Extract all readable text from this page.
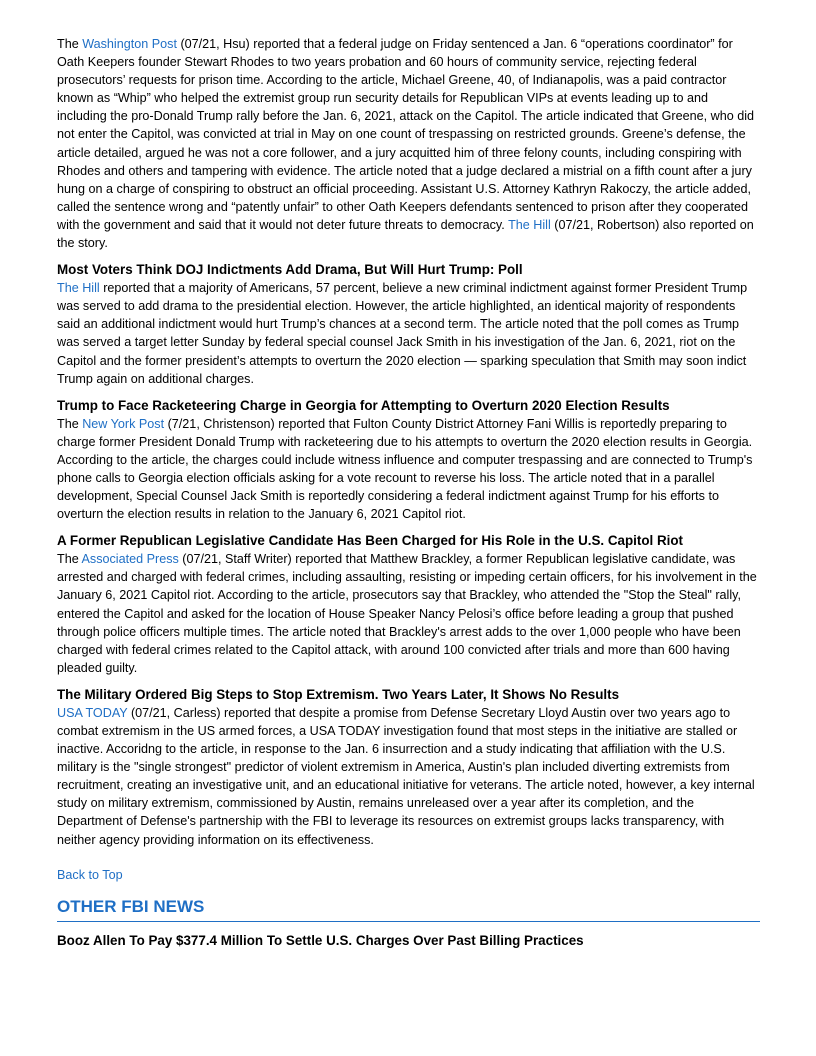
The Washington Post (07/21, Hsu) reported that a federal judge on Friday sentenced a Jan. 6 “operations coordinator” for Oath Keepers founder Stewart Rhodes to two years probation and 60 hours of community service, rejecting federal prosecutors’ requests for prison time. According to the article, Michael Greene, 40, of Indianapolis, was a paid contractor known as “Whip” who helped the extremist group run security details for Republican VIPs at events leading up to and including the pro-Donald Trump rally before the Jan. 6, 2021, attack on the Capitol. The article indicated that Greene, who did not enter the Capitol, was convicted at trial in May on one count of trespassing on restricted grounds. Greene’s defense, the article detailed, argued he was not a core follower, and a jury acquitted him of three felony counts, including conspiring with Rhodes and others and tampering with evidence. The article noted that a judge declared a mistrial on a fifth count after a jury hung on a charge of conspiring to obstruct an official proceeding. Assistant U.S. Attorney Kathryn Rakoczy, the article added, called the sentence wrong and “patently unfair” to other Oath Keepers defendants sentenced to prison after they cooperated with the government and said that it would not deter future threats to democracy. The Hill (07/21, Robertson) also reported on the story.

Most Voters Think DOJ Indictments Add Drama, But Will Hurt Trump: Poll

The Hill reported that a majority of Americans, 57 percent, believe a new criminal indictment against former President Trump was served to add drama to the presidential election. However, the article highlighted, an identical majority of respondents said an additional indictment would hurt Trump’s chances at a second term. The article noted that the poll comes as Trump was served a target letter Sunday by federal special counsel Jack Smith in his investigation of the Jan. 6, 2021, riot on the Capitol and the former president’s attempts to overturn the 2020 election — sparking speculation that Smith may soon indict Trump again on additional charges.

Trump to Face Racketeering Charge in Georgia for Attempting to Overturn 2020 Election Results

The New York Post (7/21, Christenson) reported that Fulton County District Attorney Fani Willis is reportedly preparing to charge former President Donald Trump with racketeering due to his attempts to overturn the 2020 election results in Georgia. According to the article, the charges could include witness influence and computer trespassing and are connected to Trump's phone calls to Georgia election officials asking for a vote recount to reverse his loss. The article noted that in a parallel development, Special Counsel Jack Smith is reportedly considering a federal indictment against Trump for his efforts to overturn the election results in relation to the January 6, 2021 Capitol riot.

A Former Republican Legislative Candidate Has Been Charged for His Role in the U.S. Capitol Riot

The Associated Press (07/21, Staff Writer) reported that Matthew Brackley, a former Republican legislative candidate, was arrested and charged with federal crimes, including assaulting, resisting or impeding certain officers, for his involvement in the January 6, 2021 Capitol riot. According to the article, prosecutors say that Brackley, who attended the "Stop the Steal" rally, entered the Capitol and asked for the location of House Speaker Nancy Pelosi’s office before leading a group that pushed through police officers multiple times. The article noted that Brackley's arrest adds to the over 1,000 people who have been charged with federal crimes related to the Capitol attack, with around 100 convicted after trials and more than 600 having pleaded guilty.

The Military Ordered Big Steps to Stop Extremism. Two Years Later, It Shows No Results

USA TODAY (07/21, Carless) reported that despite a promise from Defense Secretary Lloyd Austin over two years ago to combat extremism in the US armed forces, a USA TODAY investigation found that most steps in the initiative are stalled or inactive. Accoridng to the article, in response to the Jan. 6 insurrection and a study indicating that affiliation with the U.S. military is the "single strongest" predictor of violent extremism in America, Austin's plan included diverting extremists from recruitment, creating an investigative unit, and an educational initiative for veterans. The article noted, however, a key internal study on military extremism, commissioned by Austin, remains unreleased over a year after its completion, and the Department of Defense's partnership with the FBI to leverage its resources on extremist groups lacks transparency, with neither agency providing information on its effectiveness.

Back to Top

OTHER FBI NEWS
Booz Allen To Pay $377.4 Million To Settle U.S. Charges Over Past Billing Practices
